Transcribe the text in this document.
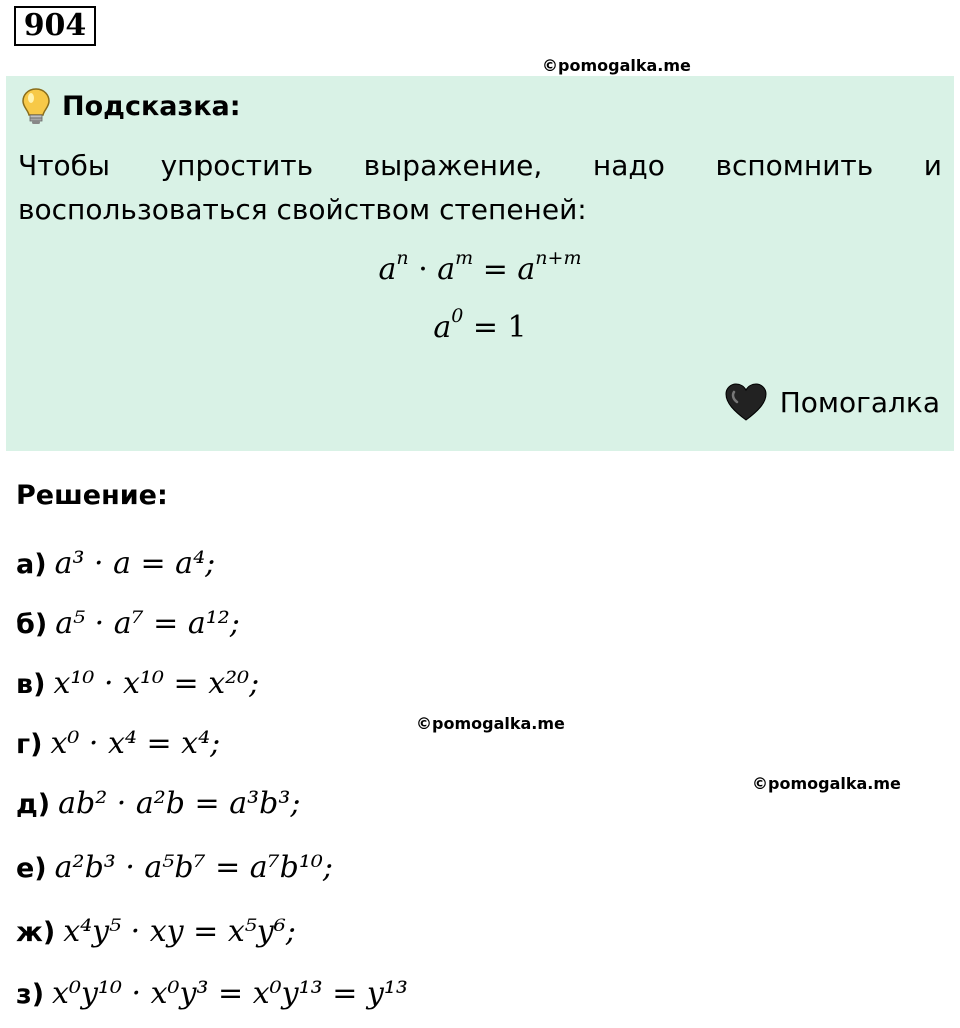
904
©pomogalka.me
Подсказка:
Чтобы упростить выражение, надо вспомнить и
воспользоваться свойством степеней:
$a^n \cdot a^m = a^{n+m}$
$a^0 = 1$
Помогалка
Решение:
а) a³ · a = a⁴;
б) a⁵ · a⁷ = a¹²;
в) x¹⁰ · x¹⁰ = x²⁰;
г) x⁰ · x⁴ = x⁴;
д) ab² · a²b = a³b³;
е) a²b³ · a⁵b⁷ = a⁷b¹⁰;
ж) x⁴y⁵ · xy = x⁵y⁶;
з) x⁰y¹⁰ · x⁰y³ = x⁰y¹³ = y¹³
©pomogalka.me
©pomogalka.me
